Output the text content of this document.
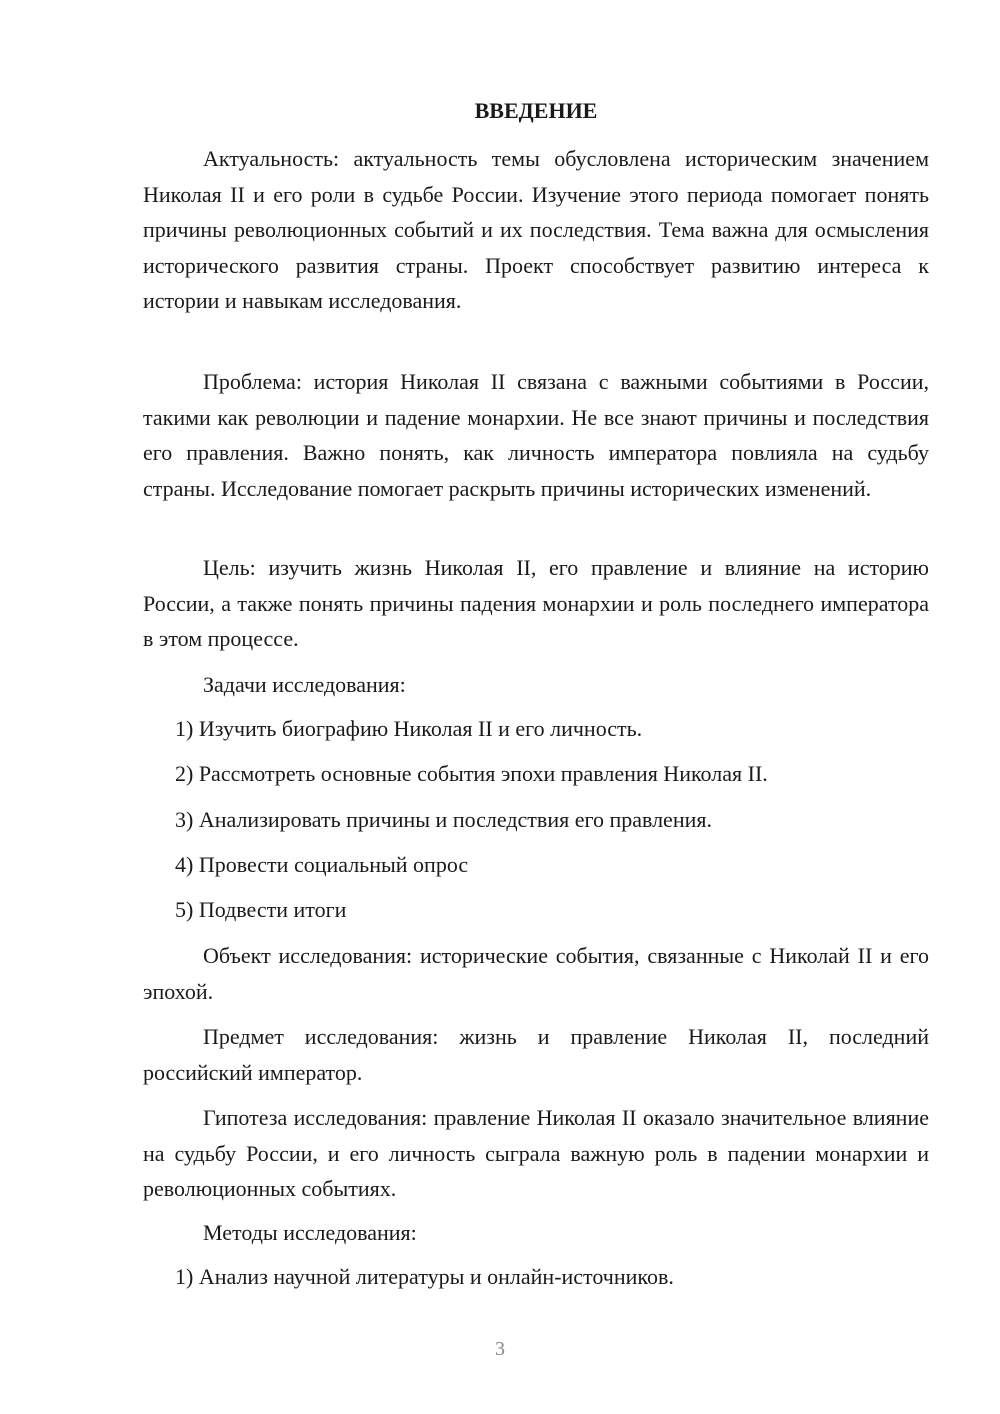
ВВЕДЕНИЕ

Актуальность: актуальность темы обусловлена историческим значением Николая II и его роли в судьбе России. Изучение этого периода помогает понять причины революционных событий и их последствия. Тема важна для осмысления исторического развития страны. Проект способствует развитию интереса к истории и навыкам исследования.

Проблема: история Николая II связана с важными событиями в России, такими как революции и падение монархии. Не все знают причины и последствия его правления. Важно понять, как личность императора повлияла на судьбу страны. Исследование помогает раскрыть причины исторических изменений.

Цель: изучить жизнь Николая II, его правление и влияние на историю России, а также понять причины падения монархии и роль последнего императора в этом процессе.

Задачи исследования:

1) Изучить биографию Николая II и его личность.

2) Рассмотреть основные события эпохи правления Николая II.

3) Анализировать причины и последствия его правления.

4) Провести социальный опрос

5) Подвести итоги

Объект исследования: исторические события, связанные с Николай II и его эпохой.

Предмет исследования: жизнь и правление Николая II, последний российский император.

Гипотеза исследования: правление Николая II оказало значительное влияние на судьбу России, и его личность сыграла важную роль в падении монархии и революционных событиях.

Методы исследования:

1) Анализ научной литературы и онлайн-источников.

3
